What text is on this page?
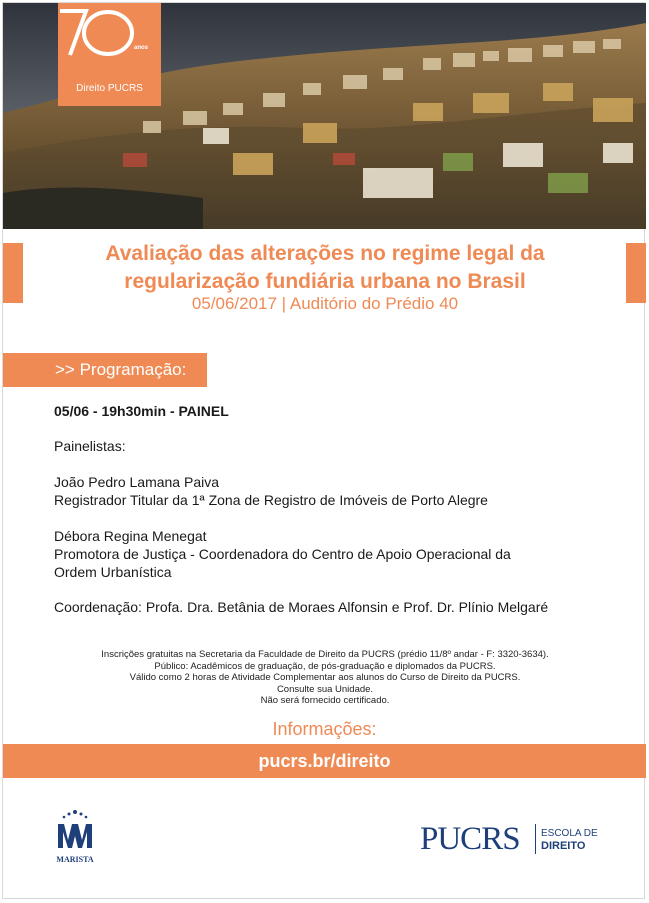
anos
Direito PUCRS
Avaliação das alterações no regime legal da
regularização fundiária urbana no Brasil
05/06/2017 | Auditório do Prédio 40
>> Programação:
05/06 - 19h30min - PAINEL
Painelistas:
João Pedro Lamana Paiva
Registrador Titular da 1ª Zona de Registro de Imóveis de Porto Alegre
Débora Regina Menegat
Promotora de Justiça - Coordenadora do Centro de Apoio Operacional da
Ordem Urbanística
Coordenação: Profa. Dra. Betânia de Moraes Alfonsin e Prof. Dr. Plínio Melgaré
Inscrições gratuitas na Secretaria da Faculdade de Direito da PUCRS (prédio 11/8º andar - F: 3320-3634).
Público: Acadêmicos de graduação, de pós-graduação e diplomados da PUCRS.
Válido como 2 horas de Atividade Complementar aos alunos do Curso de Direito da PUCRS.
Consulte sua Unidade.
Não será fornecido certificado.
Informações:
pucrs.br/direito
MARISTA
PUCRS ESCOLA DE
DIREITO
